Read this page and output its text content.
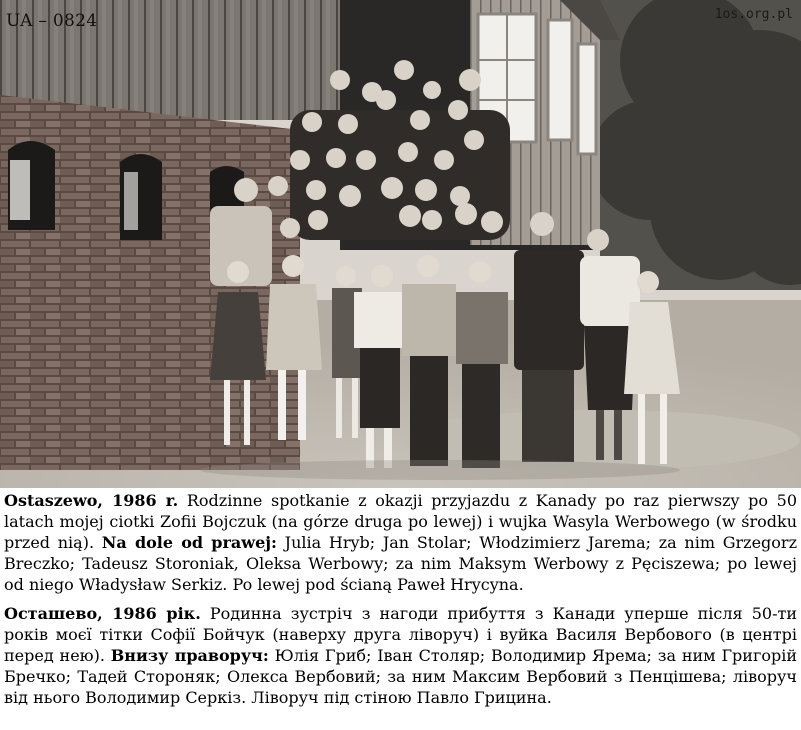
UA – 0824	1os.org.pl

Ostaszewo, 1986 r. Rodzinne spotkanie z okazji przyjazdu z Kanady po raz pierwszy po 50 latach mojej ciotki Zofii Bojczuk (na górze druga po lewej) i wujka Wasyla Werbowego (w środku przed nią). Na dole od prawej: Julia Hryb; Jan Stolar; Włodzimierz Jarema; za nim Grzegorz Breczko; Tadeusz Storoniak, Oleksa Werbowy; za nim Maksym Werbowy z Pęciszewa; po lewej od niego Władysław Serkiz. Po lewej pod ścianą Paweł Hrycyna.

Осташево, 1986 рік. Родинна зустріч з нагоди прибуття з Канади уперше після 50-ти років моєї тітки Софії Бойчук (наверху друга ліворуч) і вуйка Василя Вербового (в центрі перед нею). Внизу праворуч: Юлія Гриб; Іван Столяр; Володимир Ярема; за ним Григорій Бречко; Тадей Стороняк; Олекса Вербовий; за ним Максим Вербовий з Пенцішева; ліворуч від нього Володимир Серкіз. Ліворуч під стіною Павло Грицина.
